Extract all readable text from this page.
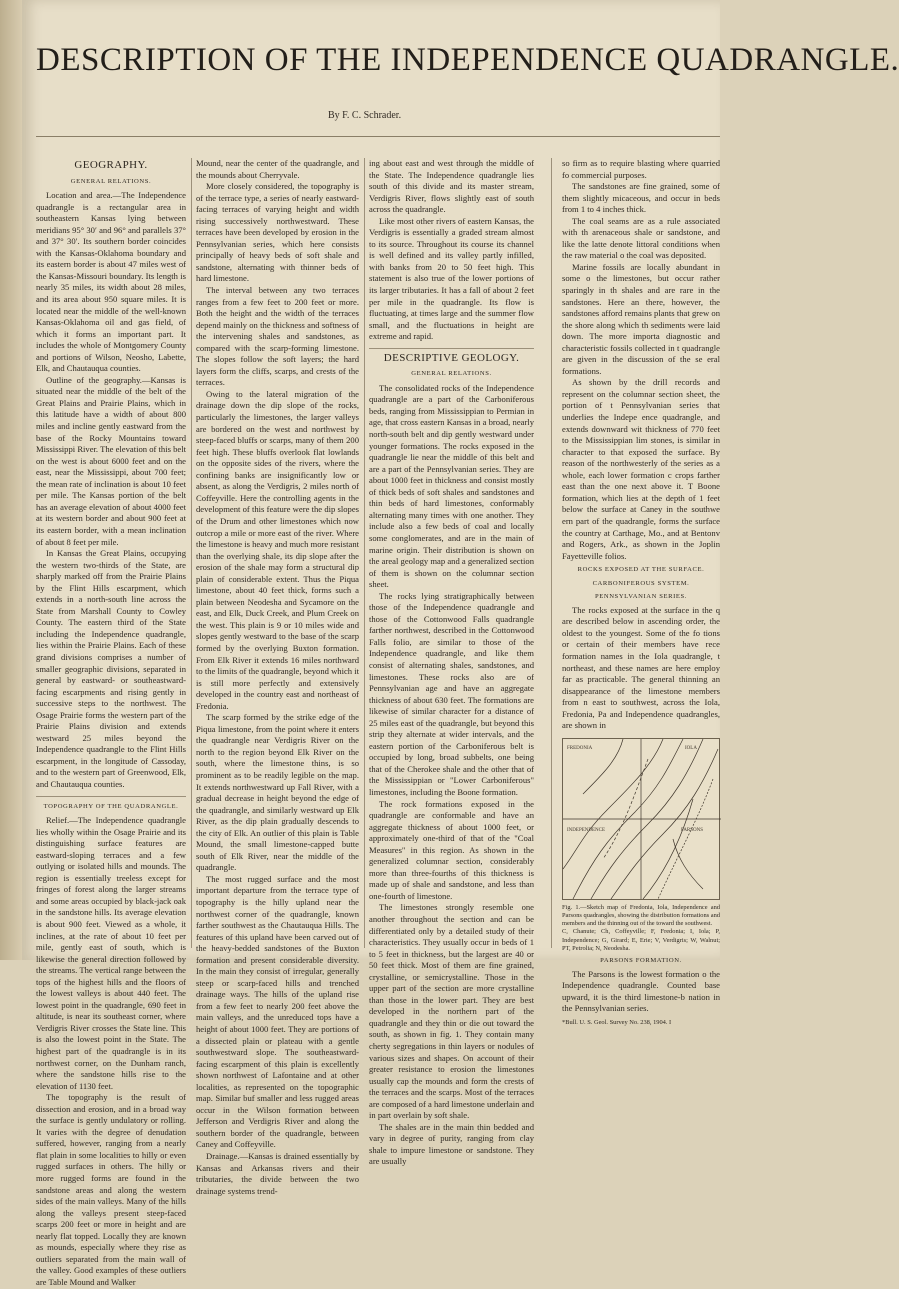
DESCRIPTION OF THE INDEPENDENCE QUADRANGLE.
By F. C. Schrader.
GEOGRAPHY.
GENERAL RELATIONS.

Location and area.—The Independence quadrangle is a rectangular area in southeastern Kansas lying between meridians 95° 30′ and 96° and parallels 37° and 37° 30′. Its southern border coincides with the Kansas-Oklahoma boundary and its eastern border is about 47 miles west of the Kansas-Missouri boundary. Its length is nearly 35 miles, its width about 28 miles, and its area about 950 square miles. It is located near the middle of the well-known Kansas-Oklahoma oil and gas field, of which it forms an important part. It includes the whole of Montgomery County and portions of Wilson, Neosho, Labette, Elk, and Chautauqua counties.

Outline of the geography.—Kansas is situated near the middle of the belt of the Great Plains and Prairie Plains, which in this latitude have a width of about 800 miles and incline gently eastward from the base of the Rocky Mountains toward Mississippi River. The elevation of this belt on the west is about 6000 feet and on the east, near the Mississippi, about 700 feet; the mean rate of inclination is about 10 feet per mile. The Kansas portion of the belt has an average elevation of about 4000 feet at its western border and about 900 feet at its eastern border, with a mean inclination of about 8 feet per mile.

In Kansas the Great Plains, occupying the western two-thirds of the State, are sharply marked off from the Prairie Plains by the Flint Hills escarpment, which extends in a north-south line across the State from Marshall County to Cowley County. The eastern third of the State including the Independence quadrangle, lies within the Prairie Plains. Each of these grand divisions comprises a number of smaller geographic divisions, separated in general by eastward- or southeastward-facing escarpments and rising gently in successive steps to the northwest. The Osage Prairie forms the western part of the Prairie Plains division and extends westward 25 miles beyond the Independence quadrangle to the Flint Hills escarpment, in the longitude of Cassoday, and to the western part of Greenwood, Elk, and Chautauqua counties.

TOPOGRAPHY OF THE QUADRANGLE.

Relief.—The Independence quadrangle lies wholly within the Osage Prairie and its distinguishing surface features are eastward-sloping terraces and a few outlying or isolated hills and mounds. The region is essentially treeless except for fringes of forest along the larger streams and some areas occupied by black-jack oak in the sandstone hills. Its average elevation is about 900 feet. Viewed as a whole, it inclines, at the rate of about 10 feet per mile, gently east of south, which is likewise the general direction followed by the streams. The vertical range between the tops of the highest hills and the floors of the lowest valleys is about 440 feet. The lowest point in the quadrangle, 690 feet in altitude, is near its southeast corner, where Verdigris River crosses the State line. This is also the lowest point in the State. The highest part of the quadrangle is in its northwest corner, on the Dunham ranch, where the sandstone hills rise to the elevation of 1130 feet.

The topography is the result of dissection and erosion, and in a broad way the surface is gently undulatory or rolling. It varies with the degree of denudation suffered, however, ranging from a nearly flat plain in some localities to hilly or even rugged surfaces in others. The hilly or more rugged forms are found in the sandstone areas and along the western sides of the main valleys. Many of the hills along the valleys present steep-faced scarps 200 feet or more in height and are nearly flat topped. Locally they are known as mounds, especially where they rise as outliers separated from the main wall of the valley. Good examples of these outliers are Table Mound and Walker

Mound, near the center of the quadrangle, and the mounds about Cherryvale.

More closely considered, the topography is of the terrace type, a series of nearly eastward-facing terraces of varying height and width rising successively northwestward. These terraces have been developed by erosion in the Pennsylvanian series, which here consists principally of heavy beds of soft shale and sandstone, alternating with thinner beds of hard limestone.

The interval between any two terraces ranges from a few feet to 200 feet or more. Both the height and the width of the terraces depend mainly on the thickness and softness of the intervening shales and sandstones, as compared with the scarp-forming limestone. The slopes follow the soft layers; the hard layers form the cliffs, scarps, and crests of the terraces.

Owing to the lateral migration of the drainage down the dip slope of the rocks, particularly the limestones, the larger valleys are bordered on the west and northwest by steep-faced bluffs or scarps, many of them 200 feet high. These bluffs overlook flat lowlands on the opposite sides of the rivers, where the confining banks are insignificantly low or absent, as along the Verdigris, 2 miles north of Coffeyville. Here the controlling agents in the development of this feature were the dip slopes of the Drum and other limestones which now outcrop a mile or more east of the river. Where the limestone is heavy and much more resistant than the overlying shale, its dip slope after the erosion of the shale may form a structural dip plain of considerable extent. Thus the Piqua limestone, about 40 feet thick, forms such a plain between Neodesha and Sycamore on the east, and Elk, Duck Creek, and Plum Creek on the west. This plain is 9 or 10 miles wide and slopes gently westward to the base of the scarp formed by the overlying Buxton formation. From Elk River it extends 16 miles northward to the limits of the quadrangle, beyond which it is still more perfectly and extensively developed in the country east and northeast of Fredonia.

The scarp formed by the strike edge of the Piqua limestone, from the point where it enters the quadrangle near Verdigris River on the north to the region beyond Elk River on the south, where the limestone thins, is so prominent as to be readily legible on the map. It extends northwestward up Fall River, with a gradual decrease in height beyond the edge of the quadrangle, and similarly westward up Elk River, as the dip plain gradually descends to the city of Elk. An outlier of this plain is Table Mound, the small limestone-capped butte south of Elk River, near the middle of the quadrangle.

The most rugged surface and the most important departure from the terrace type of topography is the hilly upland near the northwest corner of the quadrangle, known farther southwest as the Chautauqua Hills. The features of this upland have been carved out of the heavy-bedded sandstones of the Buxton formation and present considerable diversity. In the main they consist of irregular, generally steep or scarp-faced hills and trenched drainage ways. The hills of the upland rise from a few feet to nearly 200 feet above the main valleys, and the unreduced tops have a height of about 1000 feet. They are portions of a dissected plain or plateau with a gentle southwestward slope. The southeastward-facing escarpment of this plain is excellently shown northwest of Lafontaine and at other localities, as represented on the topographic map. Similar buf smaller and less rugged areas occur in the Wilson formation between Jefferson and Verdigris River and along the southern border of the quadrangle, between Caney and Coffeyville.

Drainage.—Kansas is drained essentially by Kansas and Arkansas rivers and their tributaries, the divide between the two drainage systems trend-

ing about east and west through the middle of the State. The Independence quadrangle lies south of this divide and its master stream, Verdigris River, flows slightly east of south across the quadrangle.

Like most other rivers of eastern Kansas, the Verdigris is essentially a graded stream almost to its source. Throughout its course its channel is well defined and its valley partly infilled, with banks from 20 to 50 feet high. This statement is also true of the lower portions of its larger tributaries. It has a fall of about 2 feet per mile in the quadrangle. Its flow is fluctuating, at times large and the summer flow small, and the fluctuations in height are extreme and rapid.

DESCRIPTIVE GEOLOGY.
GENERAL RELATIONS.

The consolidated rocks of the Independence quadrangle are a part of the Carboniferous beds, ranging from Mississippian to Permian in age, that cross eastern Kansas in a broad, nearly north-south belt and dip gently westward under younger formations. The rocks exposed in the quadrangle lie near the middle of this belt and are a part of the Pennsylvanian series. They are about 1000 feet in thickness and consist mostly of thick beds of soft shales and sandstones and thin beds of hard limestones, conformably alternating many times with one another. They include also a few beds of coal and locally some conglomerates, and are in the main of marine origin. Their distribution is shown on the areal geology map and a generalized section of them is shown on the columnar section sheet.

The rocks lying stratigraphically between those of the Independence quadrangle and those of the Cottonwood Falls quadrangle farther northwest, described in the Cottonwood Falls folio, are similar to those of the Independence quadrangle, and like them consist of alternating shales, sandstones, and limestones. These rocks also are of Pennsylvanian age and have an aggregate thickness of about 630 feet. The formations are likewise of similar character for a distance of 25 miles east of the quadrangle, but beyond this strip they alternate at wider intervals, and the eastern portion of the Carboniferous belt is occupied by long, broad subbelts, one being that of the Cherokee shale and the other that of the Mississippian or "Lower Carboniferous" limestones, including the Boone formation.

The rock formations exposed in the quadrangle are conformable and have an aggregate thickness of about 1000 feet, or approximately one-third of that of the "Coal Measures" in this region. As shown in the generalized columnar section, considerably more than three-fourths of this thickness is made up of shale and sandstone, and less than one-fourth of limestone.

The limestones strongly resemble one another throughout the section and can be differentiated only by a detailed study of their characteristics. They usually occur in beds of 1 to 5 feet in thickness, but the largest are 40 or 50 feet thick. Most of them are fine grained, crystalline, or semicrystalline. Those in the upper part of the section are more crystalline than those in the lower part. They are best developed in the northern part of the quadrangle and they thin or die out toward the south, as shown in fig. 1. They contain many cherty segregations in thin layers or nodules of various sizes and shapes. On account of their greater resistance to erosion the limestones usually cap the mounds and form the crests of the terraces and the scarps. Most of the terraces are composed of a hard limestone underlain and in part overlain by soft shale.

The shales are in the main thin bedded and vary in degree of purity, ranging from clay shale to impure limestone or sandstone. They are usually

so firm as to require blasting where quarried fo commercial purposes.

The sandstones are fine grained, some of them slightly micaceous, and occur in beds from 1 to 4 inches thick.

The coal seams are as a rule associated with th arenaceous shale or sandstone, and like the latte denote littoral conditions when the raw material o the coal was deposited.

Marine fossils are locally abundant in some o the limestones, but occur rather sparingly in th shales and are rare in the sandstones. Here an there, however, the sandstones afford remains plants that grew on the shore along which th sediments were laid down. The more importa diagnostic and characteristic fossils collected in t quadrangle are given in the discussion of the se eral formations.

As shown by the drill records and represent on the columnar section sheet, the portion of t Pennsylvanian series that underlies the Indepe ence quadrangle, and extends downward wit thickness of 770 feet to the Mississippian lim stones, is similar in character to that exposed the surface. By reason of the northwesterly of the series as a whole, each lower formation c crops farther east than the one next above it. T Boone formation, which lies at the depth of 1 feet below the surface at Caney in the southwe ern part of the quadrangle, forms the surface the country at Carthage, Mo., and at Bentonv and Rogers, Ark., as shown in the Joplin Fayetteville folios.

ROCKS EXPOSED AT THE SURFACE.
CARBONIFEROUS SYSTEM.
PENNSYLVANIAN SERIES.

The rocks exposed at the surface in the q are described below in ascending order, the oldest to the youngest. Some of the fo tions or certain of their members have rece formation names in the Iola quadrangle, t northeast, and these names are here employ far as practicable. The general thinning an disappearance of the limestone members from n east to southwest, across the Iola, Fredonia, Pa and Independence quadrangles, are shown in

FREDONIA	IOLA
PARSONS
INDEPENDENCE

Fig. 1.—Sketch map of Fredonia, Iola, Independence and Parsons quadrangles, showing the distribution formations and members and the thinning out of the toward the southwest.

C, Chanute; Ch, Coffeyville; F, Fredonia; I, Iola; P, Independence; G, Girard; E, Erie; V, Verdigris; W, Walnut; PT, Petrolia; N, Neodesha.

PARSONS FORMATION.

The Parsons is the lowest formation o the Independence quadrangle. Counted base upward, it is the third limestone-b nation in the Pennsylvanian series.

*Bull. U. S. Geol. Survey No. 238, 1904. I
